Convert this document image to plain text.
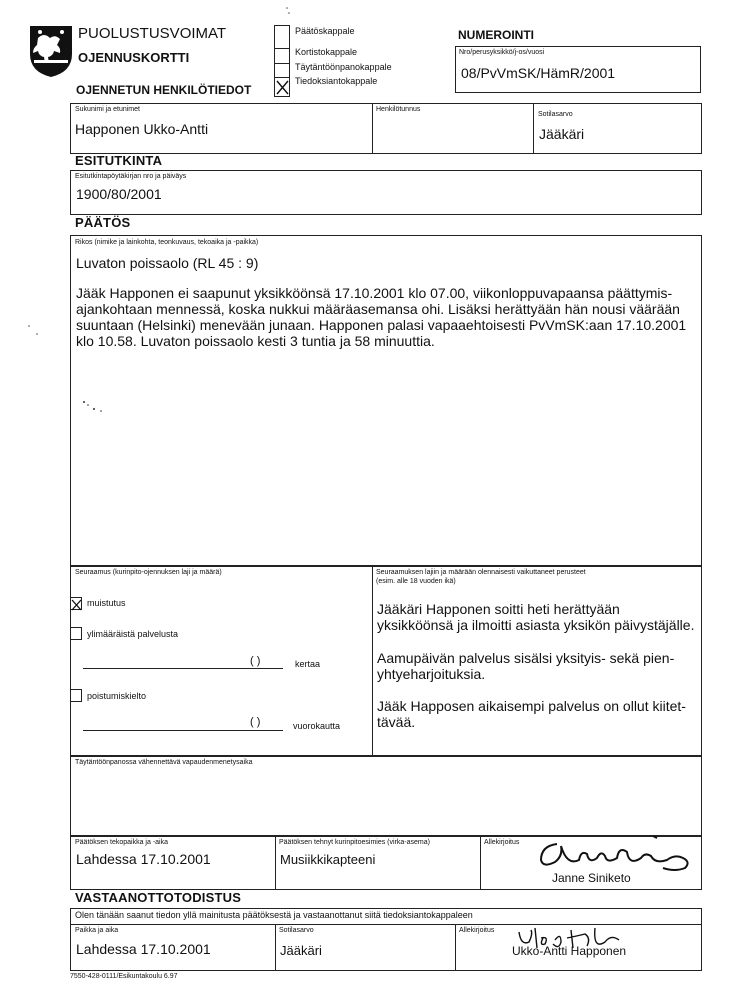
PUOLUSTUSVOIMAT
OJENNUSKORTTI
OJENNETUN HENKILÖTIEDOT
Päätöskappale
Kortistokappale
Täytäntöönpanokappale
Tiedoksiantokappale
NUMEROINTI
Nro/perusyksikkö/j-os/vuosi
08/PvVmSK/HämR/2001
Sukunimi ja etunimet
Happonen Ukko-Antti
Henkilötunnus
Sotilasarvo
Jääkäri
ESITUTKINTA
Esitutkintapöytäkirjan nro ja päiväys
1900/80/2001
PÄÄTÖS
Rikos (nimike ja lainkohta, teonkuvaus, tekoaika ja -paikka)
Luvaton poissaolo (RL 45 : 9)
Jääk Happonen ei saapunut yksikköönsä 17.10.2001 klo 07.00, viikonloppuvapaansa päättymis-
ajankohtaan mennessä, koska nukkui määräasemansa ohi. Lisäksi herättyään hän nousi väärään
suuntaan (Helsinki) menevään junaan. Happonen palasi vapaaehtoisesti PvVmSK:aan 17.10.2001
klo 10.58. Luvaton poissaolo kesti 3 tuntia ja 58 minuuttia.
Seuraamus (kurinpito-ojennuksen laji ja määrä)
muistutus
ylimääräistä palvelusta
( )	kertaa
poistumiskielto
( )	vuorokautta
Seuraamuksen lajiin ja määrään olennaisesti vaikuttaneet perusteet
(esim. alle 18 vuoden ikä)
Jääkäri Happonen soitti heti herättyään
yksikköönsä ja ilmoitti asiasta yksikön päivystäjälle.
Aamupäivän palvelus sisälsi yksityis- sekä pien-
yhtyeharjoituksia.
Jääk Happosen aikaisempi palvelus on ollut kiitet-
tävää.
Täytäntöönpanossa vähennettävä vapaudenmenetysaika
Päätöksen tekopaikka ja -aika
Lahdessa 17.10.2001
Päätöksen tehnyt kurinpitoesimies (virka-asema)
Musiikkikapteeni
Allekirjoitus
Janne Siniketo
VASTAANOTTOTODISTUS
Olen tänään saanut tiedon yllä mainitusta päätöksestä ja vastaanottanut siitä tiedoksiantokappaleen
Paikka ja aika
Lahdessa 17.10.2001
Sotilasarvo
Jääkäri
Allekirjoitus
Ukko-Antti Happonen
7550-428-0111/Esikuntakoulu 6.97
